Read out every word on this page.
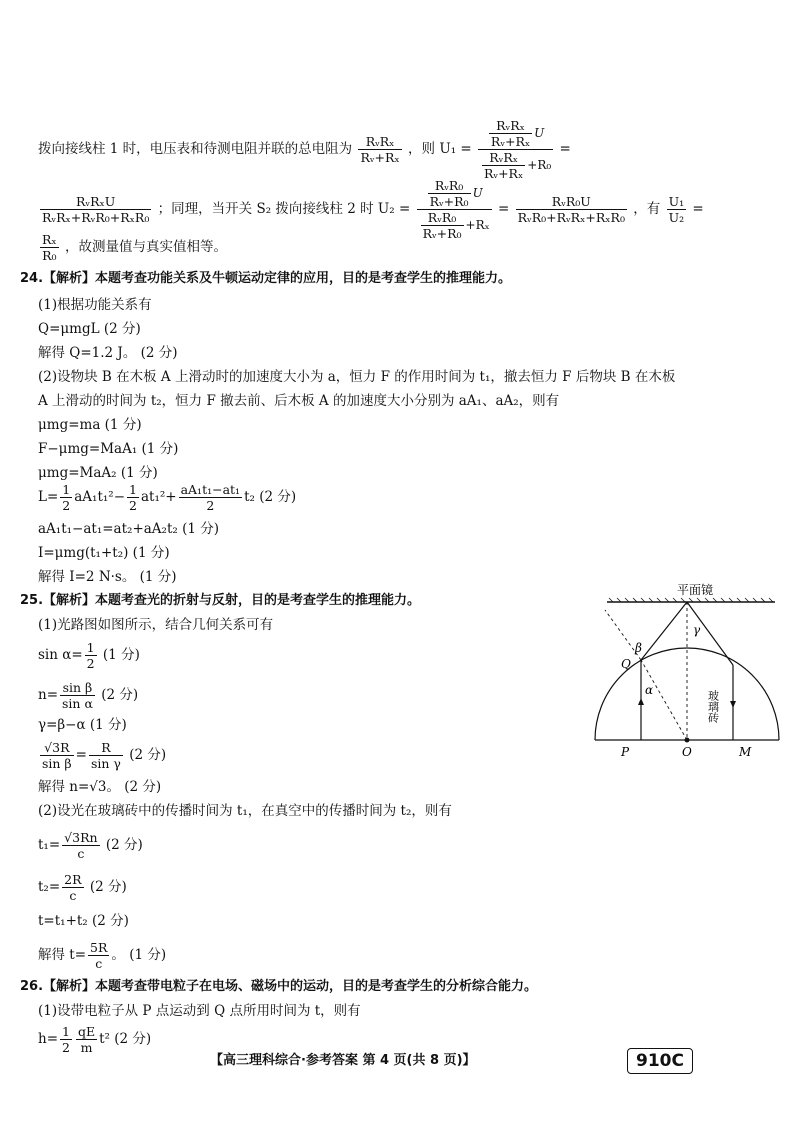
拨向接线柱 1 时，电压表和待测电阻并联的总电阻为 $\frac{\text{RᵥRₓ}}{\text{Rᵥ+Rₓ}}$ ，则 $U_1 = \frac{\frac{\text{RᵥRₓ}}{\text{Rᵥ+Rₓ}} U}{\frac{\text{RᵥRₓ}}{\text{Rᵥ+Rₓ}} +R_0}$ =
$\frac{\text{RᵥRₓU}}{\text{RᵥRₓ+RᵥR₀+RₓR₀}}$ ；同理，当开关 S₂ 拨向接线柱 2 时 $U_2 = \frac{\frac{\text{RᵥR₀}}{\text{Rᵥ+R₀}} U}{\frac{\text{RᵥR₀}}{\text{Rᵥ+R₀}} +R_x} = \frac{\text{RᵥR₀U}}{\text{RᵥR₀+RᵥRₓ+RₓR₀}}$ ，有 $\frac{\text{U₁}}{\text{U₂}}$ =
$\frac{\text{Rₓ}}{\text{R₀}}$ ，故测量值与真实值相等。
24.【解析】本题考查功能关系及牛顿运动定律的应用，目的是考查学生的推理能力。
(1)根据功能关系有
Q=μmgL (2 分)
解得 Q=1.2 J。 (2 分)
(2)设物块 B 在木板 A 上滑动时的加速度大小为 a，恒力 F 的作用时间为 t₁，撤去恒力 F 后物块 B 在木板
A 上滑动的时间为 t₂，恒力 F 撤去前、后木板 A 的加速度大小分别为 aA₁、aA₂，则有
μmg=ma (1 分)
F−μmg=MaA₁ (1 分)
μmg=MaA₂ (1 分)
$L= \frac{1}{2} aA_1t_1^2- \frac{1}{2} at_1^2+ \frac{\text{aA₁t₁−at₁}}{2} t_2$ (2 分)
aA₁t₁−at₁=at₂+aA₂t₂ (1 分)
I=μmg(t₁+t₂) (1 分)
解得 I=2 N·s。 (1 分)
25.【解析】本题考查光的折射与反射，目的是考查学生的推理能力。
(1)光路图如图所示，结合几何关系可有
$\sin \alpha= \frac{1}{2} (1$ 分)
$n= \frac{\text{sin β}}{\text{sin α}} (2$ 分)
γ=β−α (1 分)
$\frac{√3R}{\text{sin β}} = \frac{R}{\text{sin γ}} (2$ 分)
解得 n=√3。 (2 分)
(2)设光在玻璃砖中的传播时间为 t₁，在真空中的传播时间为 t₂，则有
$t_1= \frac{√3Rn}{c} (2$ 分)
$t_2= \frac{2R}{c} (2$ 分)
t=t₁+t₂ (2 分)
解得 $t= \frac{5R}{c}$ 。 (1 分)
26.【解析】本题考查带电粒子在电场、磁场中的运动，目的是考查学生的分析综合能力。
(1)设带电粒子从 P 点运动到 Q 点所用时间为 t，则有
$h= \frac{1}{2} \frac{qE}{m} t^2$ (2 分)
平面镜
Q
β
γ
α
P	O	M
玻璃砖
【高三理科综合·参考答案 第 4 页(共 8 页)】	910C
